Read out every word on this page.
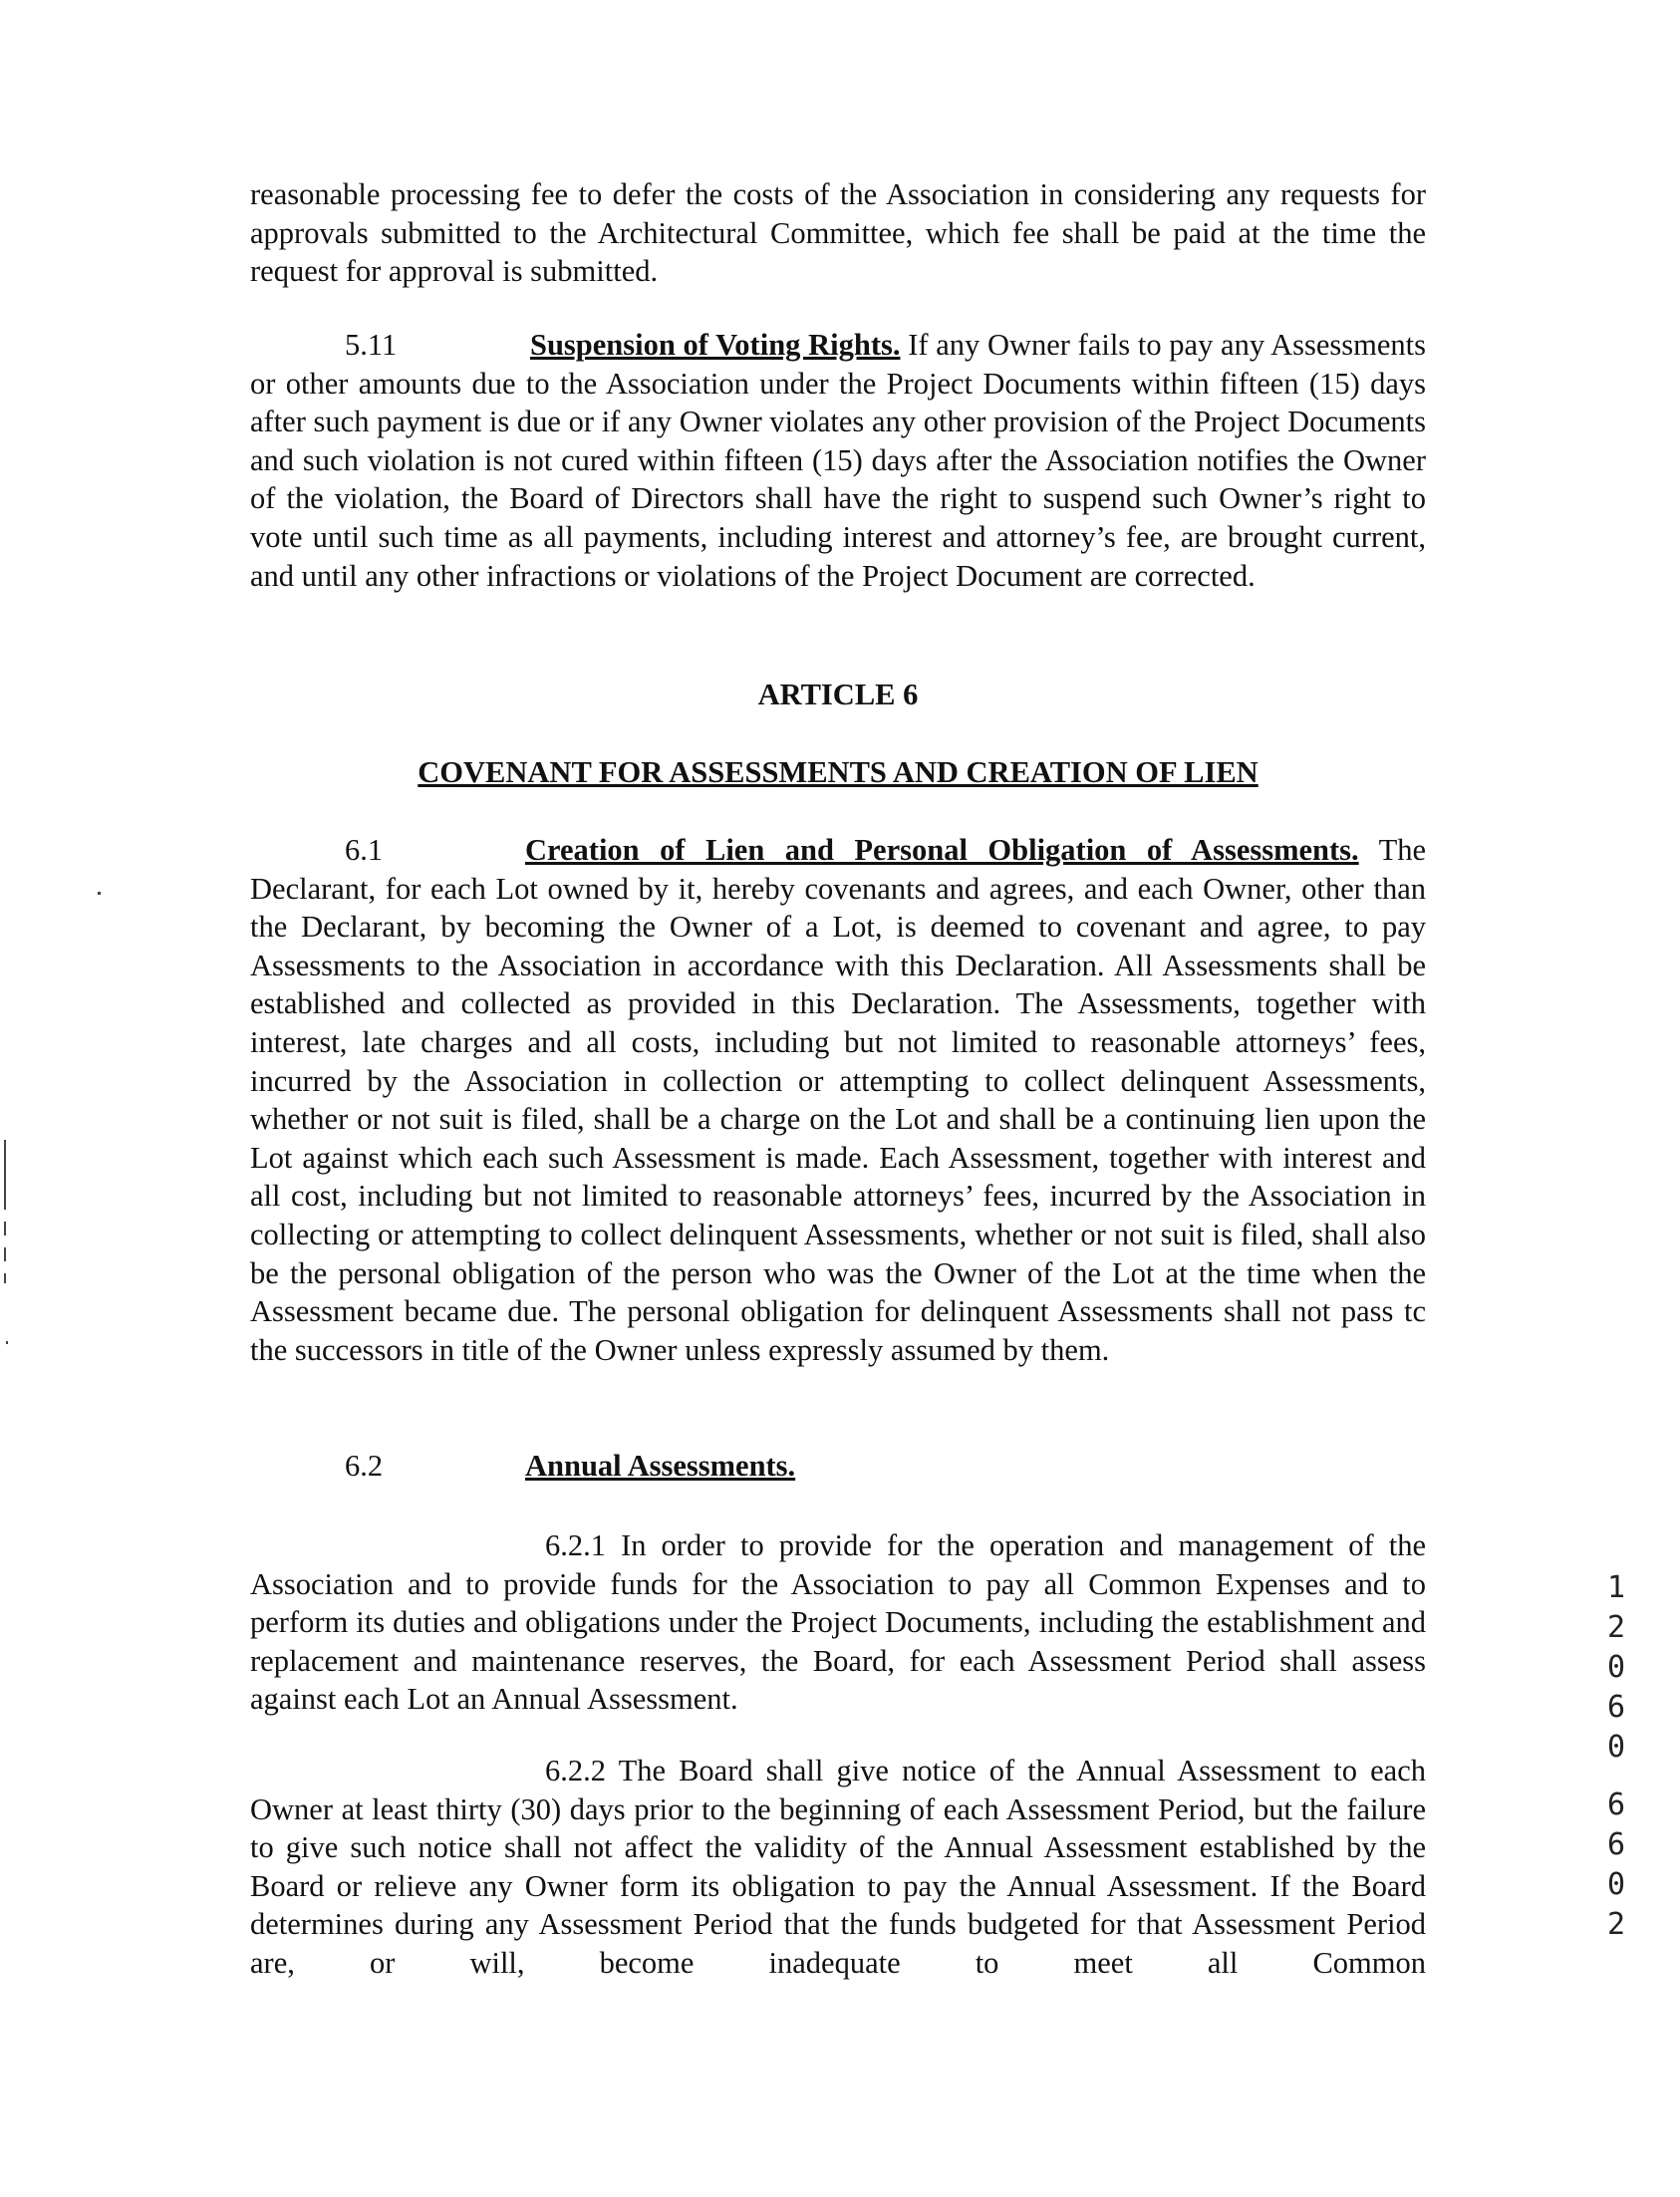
reasonable processing fee to defer the costs of the Association in considering any requests for approvals submitted to the Architectural Committee, which fee shall be paid at the time the request for approval is submitted.

5.11	Suspension of Voting Rights. If any Owner fails to pay any Assessments or other amounts due to the Association under the Project Documents within fifteen (15) days after such payment is due or if any Owner violates any other provision of the Project Documents and such violation is not cured within fifteen (15) days after the Association notifies the Owner of the violation, the Board of Directors shall have the right to suspend such Owner’s right to vote until such time as all payments, including interest and attorney’s fee, are brought current, and until any other infractions or violations of the Project Document are corrected.

ARTICLE 6
COVENANT FOR ASSESSMENTS AND CREATION OF LIEN

6.1	Creation of Lien and Personal Obligation of Assessments. The Declarant, for each Lot owned by it, hereby covenants and agrees, and each Owner, other than the Declarant, by becoming the Owner of a Lot, is deemed to covenant and agree, to pay Assessments to the Association in accordance with this Declaration. All Assessments shall be established and collected as provided in this Declaration. The Assessments, together with interest, late charges and all costs, including but not limited to reasonable attorneys’ fees, incurred by the Association in collection or attempting to collect delinquent Assessments, whether or not suit is filed, shall be a charge on the Lot and shall be a continuing lien upon the Lot against which each such Assessment is made. Each Assessment, together with interest and all cost, including but not limited to reasonable attorneys’ fees, incurred by the Association in collecting or attempting to collect delinquent Assessments, whether or not suit is filed, shall also be the personal obligation of the person who was the Owner of the Lot at the time when the Assessment became due. The personal obligation for delinquent Assessments shall not pass tc the successors in title of the Owner unless expressly assumed by them.

6.2	Annual Assessments.

6.2.1 In order to provide for the operation and management of the Association and to provide funds for the Association to pay all Common Expenses and to perform its duties and obligations under the Project Documents, including the establishment and replacement and maintenance reserves, the Board, for each Assessment Period shall assess against each Lot an Annual Assessment.

6.2.2 The Board shall give notice of the Annual Assessment to each Owner at least thirty (30) days prior to the beginning of each Assessment Period, but the failure to give such notice shall not affect the validity of the Annual Assessment established by the Board or relieve any Owner form its obligation to pay the Annual Assessment. If the Board determines during any Assessment Period that the funds budgeted for that Assessment Period are, or will, become inadequate to meet all Common

1
2
0
6
0
6
6
0
2
